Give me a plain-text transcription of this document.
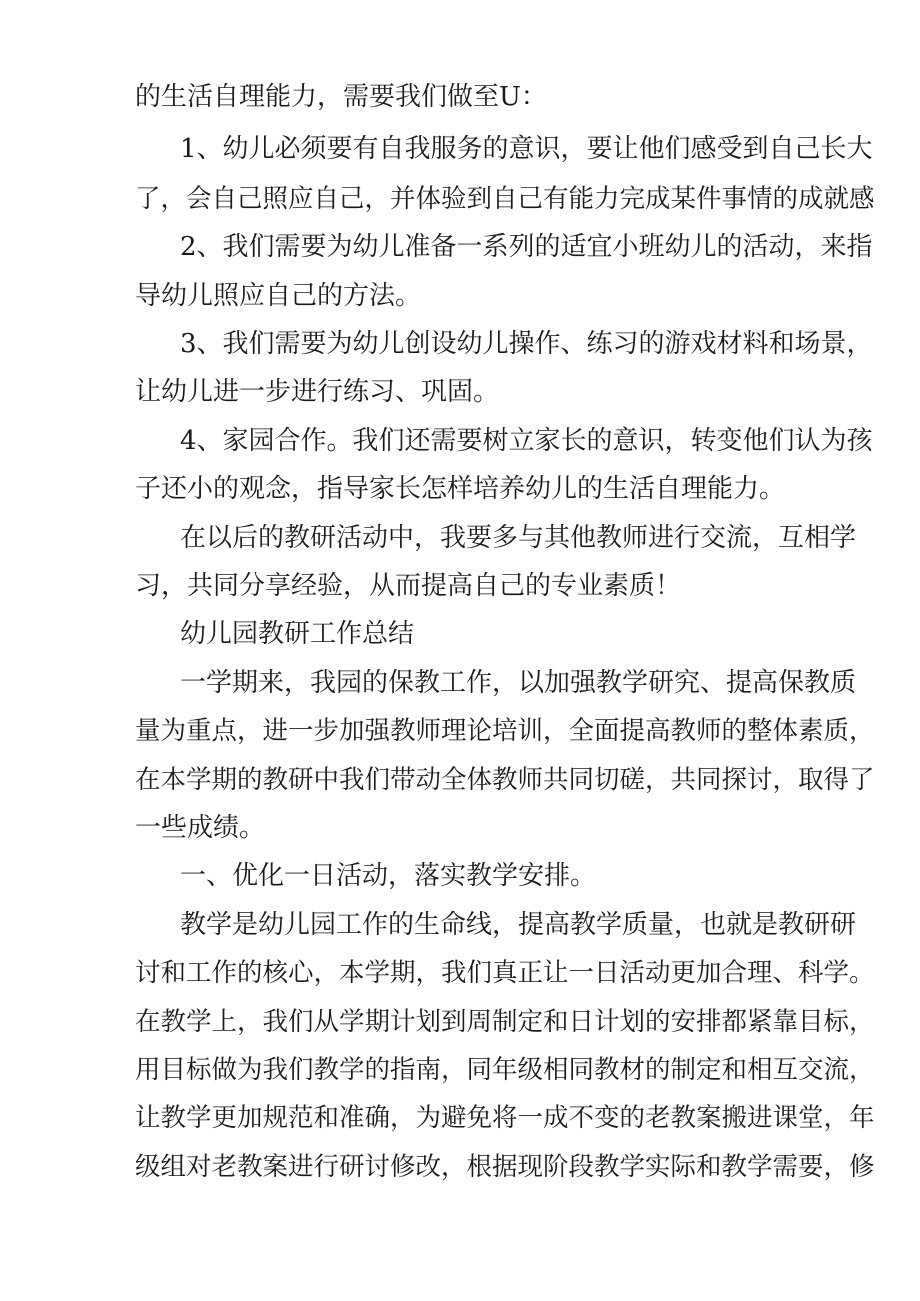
的生活自理能力，需要我们做至U：
1、幼儿必须要有自我服务的意识，要让他们感受到自己长大
了，会自己照应自己，并体验到自己有能力完成某件事情的成就感
2、我们需要为幼儿准备一系列的适宜小班幼儿的活动，来指
导幼儿照应自己的方法。
3、我们需要为幼儿创设幼儿操作、练习的游戏材料和场景，
让幼儿进一步进行练习、巩固。
4、家园合作。我们还需要树立家长的意识，转变他们认为孩
子还小的观念，指导家长怎样培养幼儿的生活自理能力。
在以后的教研活动中，我要多与其他教师进行交流，互相学
习，共同分享经验，从而提高自己的专业素质！
幼儿园教研工作总结
一学期来，我园的保教工作，以加强教学研究、提高保教质
量为重点，进一步加强教师理论培训，全面提高教师的整体素质，
在本学期的教研中我们带动全体教师共同切磋，共同探讨，取得了
一些成绩。
一、优化一日活动，落实教学安排。
教学是幼儿园工作的生命线，提高教学质量，也就是教研研
讨和工作的核心，本学期，我们真正让一日活动更加合理、科学。
在教学上，我们从学期计划到周制定和日计划的安排都紧靠目标，
用目标做为我们教学的指南，同年级相同教材的制定和相互交流，
让教学更加规范和准确，为避免将一成不变的老教案搬进课堂，年
级组对老教案进行研讨修改，根据现阶段教学实际和教学需要，修
